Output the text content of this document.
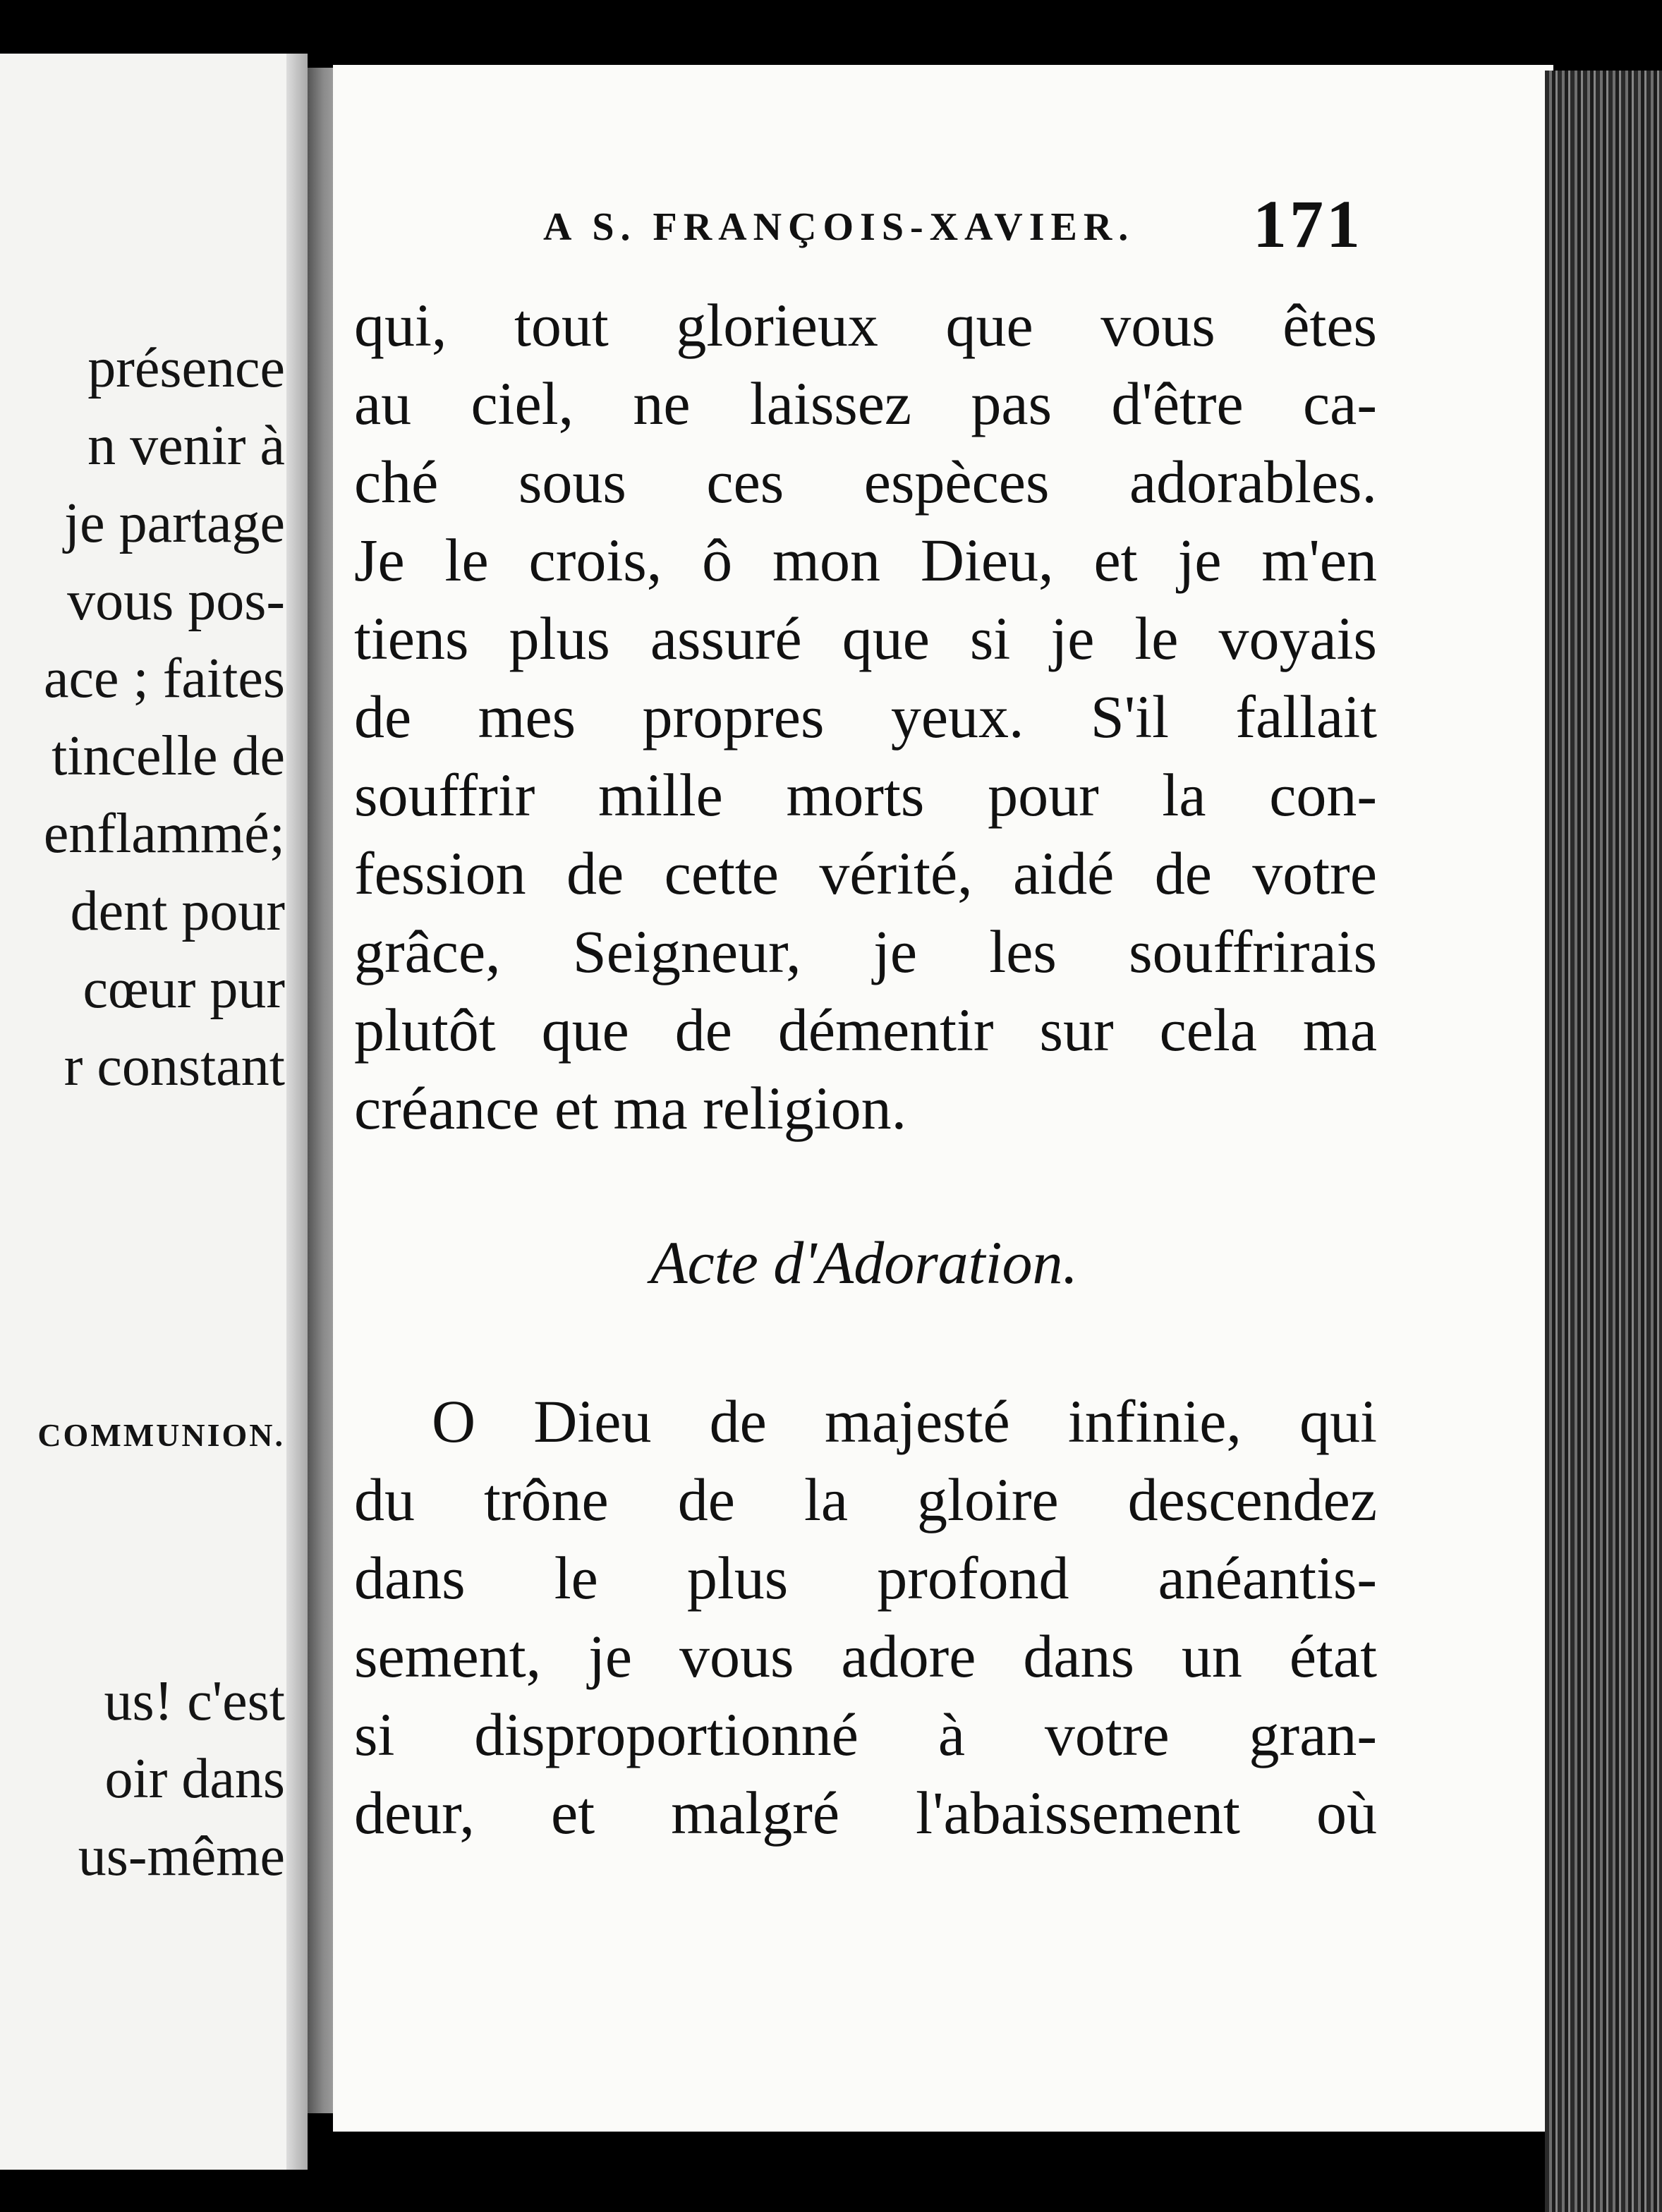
présence
n venir à
je partage
vous pos-
ace ; faites
tincelle de
enflammé;
dent pour
cœur pur
r constant
COMMUNION.
us! c'est
oir dans
us-même
A S. FRANÇOIS-XAVIER. 171
qui, tout glorieux que vous êtes
au ciel, ne laissez pas d'être ca-
ché sous ces espèces adorables.
Je le crois, ô mon Dieu, et je m'en
tiens plus assuré que si je le voyais
de mes propres yeux. S'il fallait
souffrir mille morts pour la con-
fession de cette vérité, aidé de votre
grâce, Seigneur, je les souffrirais
plutôt que de démentir sur cela ma
créance et ma religion.
Acte d'Adoration.
O Dieu de majesté infinie, qui
du trône de la gloire descendez
dans le plus profond anéantis-
sement, je vous adore dans un état
si disproportionné à votre gran-
deur, et malgré l'abaissement où
